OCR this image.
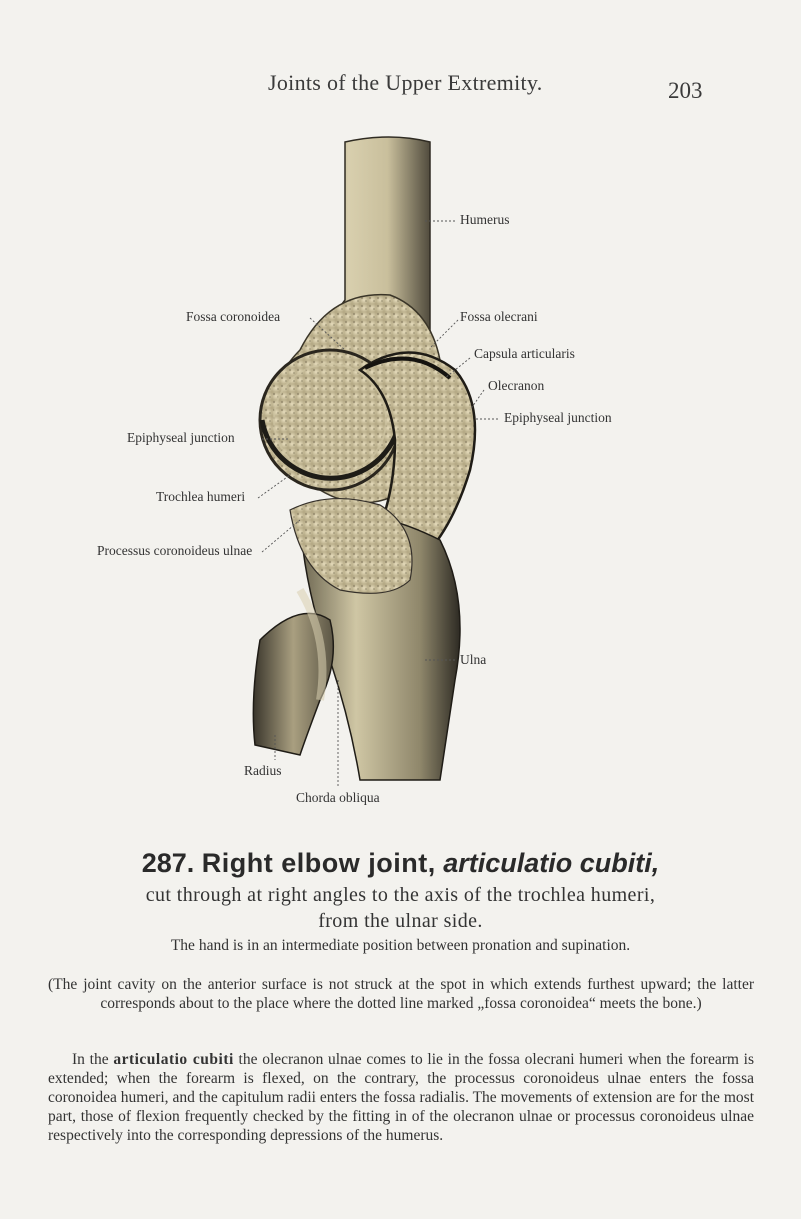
Joints of the Upper Extremity.	203
Humerus
Fossa coronoidea	Fossa olecrani
Capsula articularis
Olecranon
Epiphyseal junction
Epiphyseal junction
Trochlea humeri
Processus coronoideus ulnae
Ulna
Radius
Chorda obliqua
287. Right elbow joint, articulatio cubiti,
cut through at right angles to the axis of the trochlea humeri,
from the ulnar side.
The hand is in an intermediate position between pronation and supination.
(The joint cavity on the anterior surface is not struck at the spot in which extends furthest upward; the latter corresponds about to the place where the dotted line marked „fossa coronoidea“ meets the bone.)
In the articulatio cubiti the olecranon ulnae comes to lie in the fossa olecrani humeri when the forearm is extended; when the forearm is flexed, on the contrary, the processus coronoideus ulnae enters the fossa coronoidea humeri, and the capitulum radii enters the fossa radialis. The movements of extension are for the most part, those of flexion frequently checked by the fitting in of the olecranon ulnae or processus coronoideus ulnae respectively into the corresponding depressions of the humerus.
